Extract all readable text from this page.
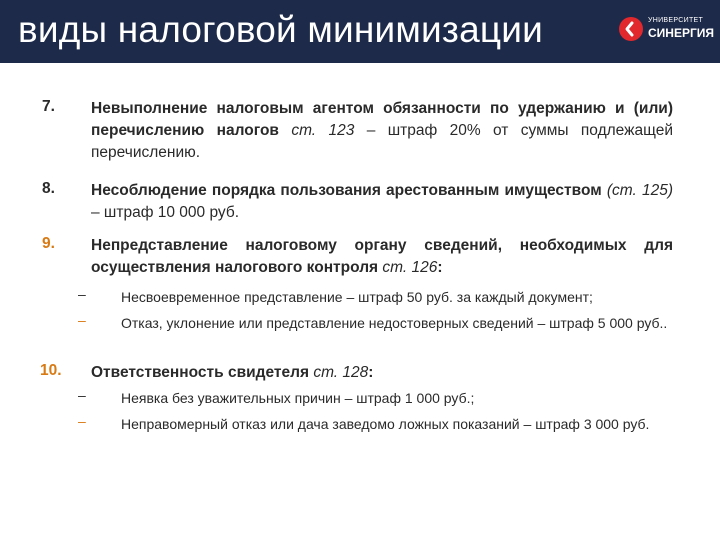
виды налоговой минимизации	УНИВЕРСИТЕТ
СИНЕРГИЯ
7. Невыполнение налоговым агентом обязанности по удержанию и (или) перечислению налогов ст. 123 – штраф 20% от суммы подлежащей перечислению.
8. Несоблюдение порядка пользования арестованным имуществом (ст. 125) – штраф 10 000 руб.
9. Непредставление налоговому органу сведений, необходимых для осуществления налогового контроля ст. 126:
–	Несвоевременное представление – штраф 50 руб. за каждый документ;
–	Отказ, уклонение или представление недостоверных сведений – штраф 5 000 руб..
10. Ответственность свидетеля ст. 128:
–	Неявка без уважительных причин – штраф 1 000 руб.;
–	Неправомерный отказ или дача заведомо ложных показаний – штраф 3 000 руб.
